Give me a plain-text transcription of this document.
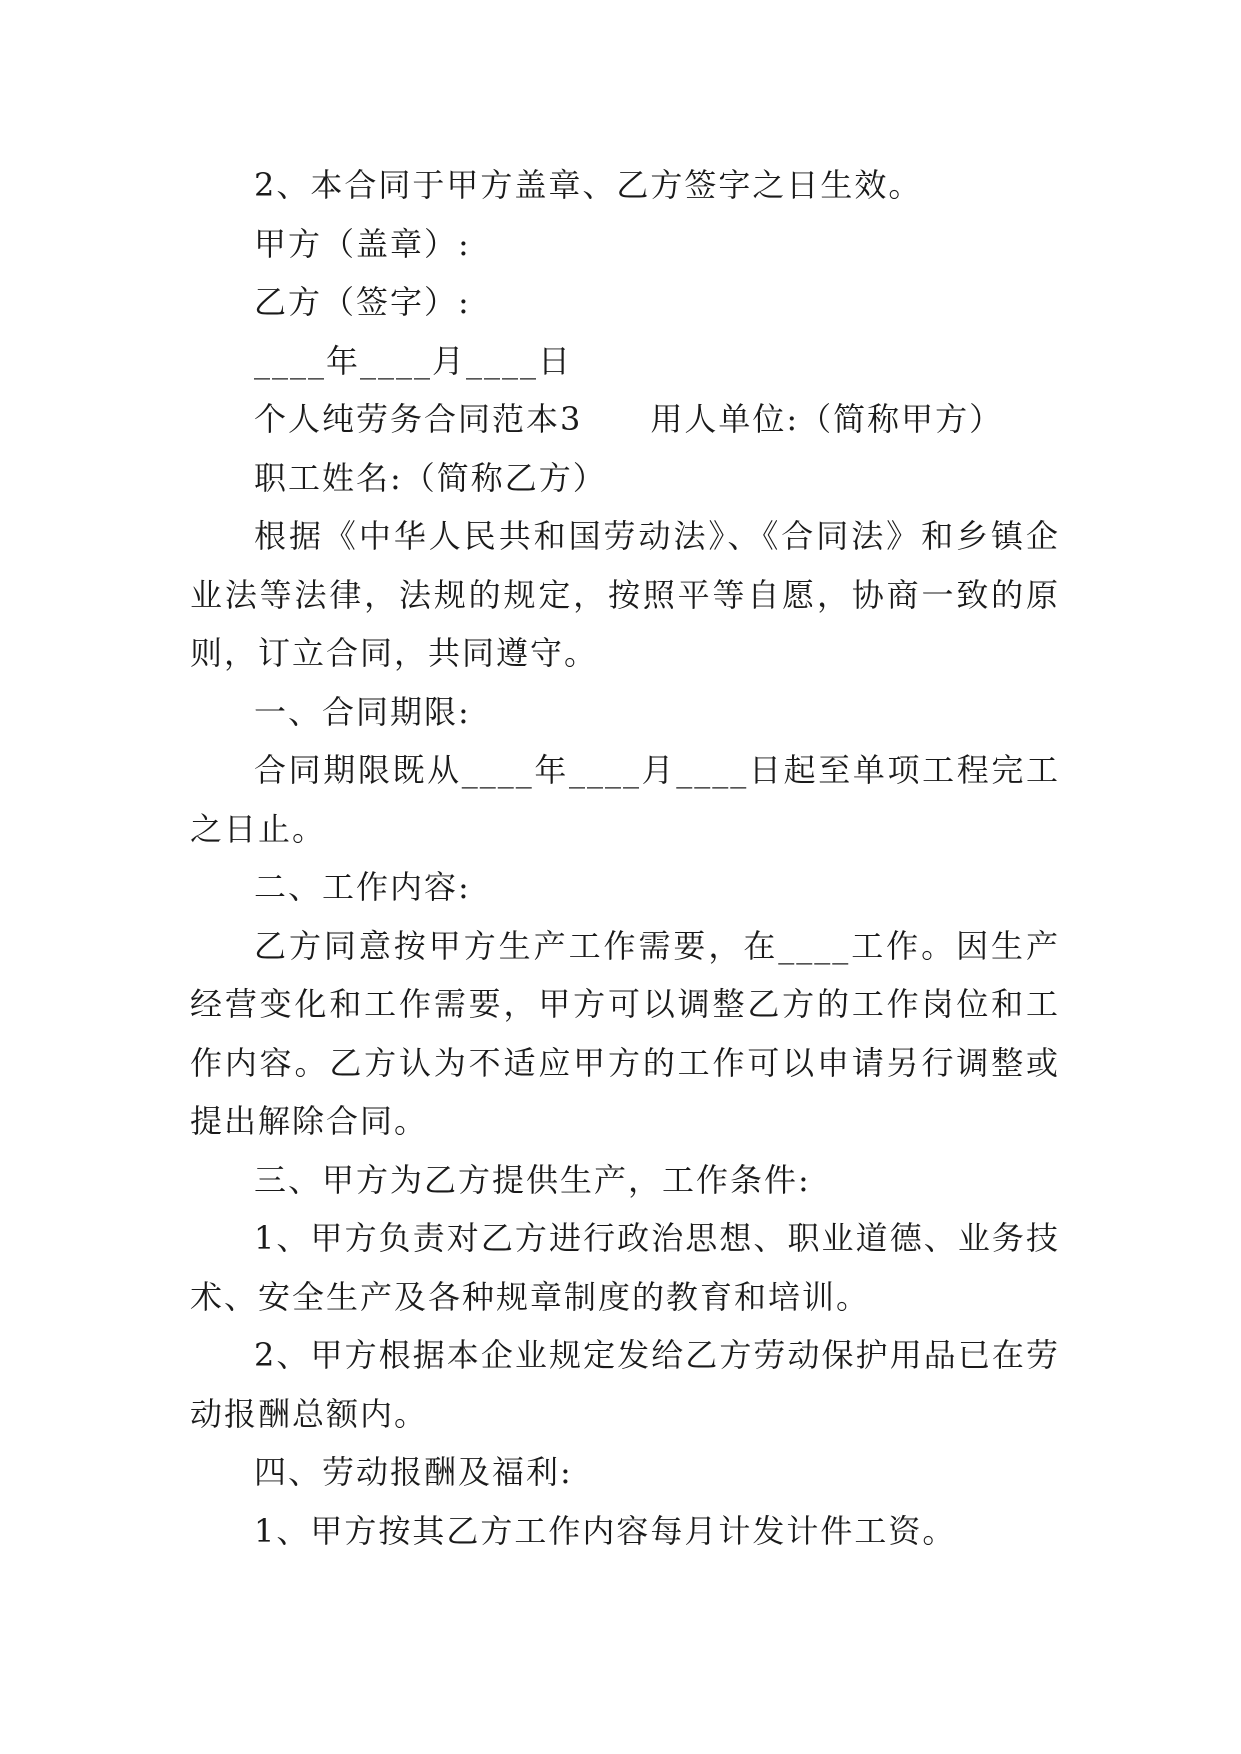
2、本合同于甲方盖章、乙方签字之日生效。

甲方（盖章）:

乙方（签字）:

____年____月____日

个人纯劳务合同范本3　　用人单位:（简称甲方）

职工姓名:（简称乙方）

根据《中华人民共和国劳动法》、《合同法》和乡镇企业法等法律，法规的规定，按照平等自愿，协商一致的原则，订立合同，共同遵守。

一、合同期限:

合同期限既从____年____月____日起至单项工程完工之日止。

二、工作内容:

乙方同意按甲方生产工作需要，在____工作。因生产经营变化和工作需要，甲方可以调整乙方的工作岗位和工作内容。乙方认为不适应甲方的工作可以申请另行调整或提出解除合同。

三、甲方为乙方提供生产，工作条件:

1、甲方负责对乙方进行政治思想、职业道德、业务技术、安全生产及各种规章制度的教育和培训。

2、甲方根据本企业规定发给乙方劳动保护用品已在劳动报酬总额内。

四、劳动报酬及福利:

1、甲方按其乙方工作内容每月计发计件工资。
